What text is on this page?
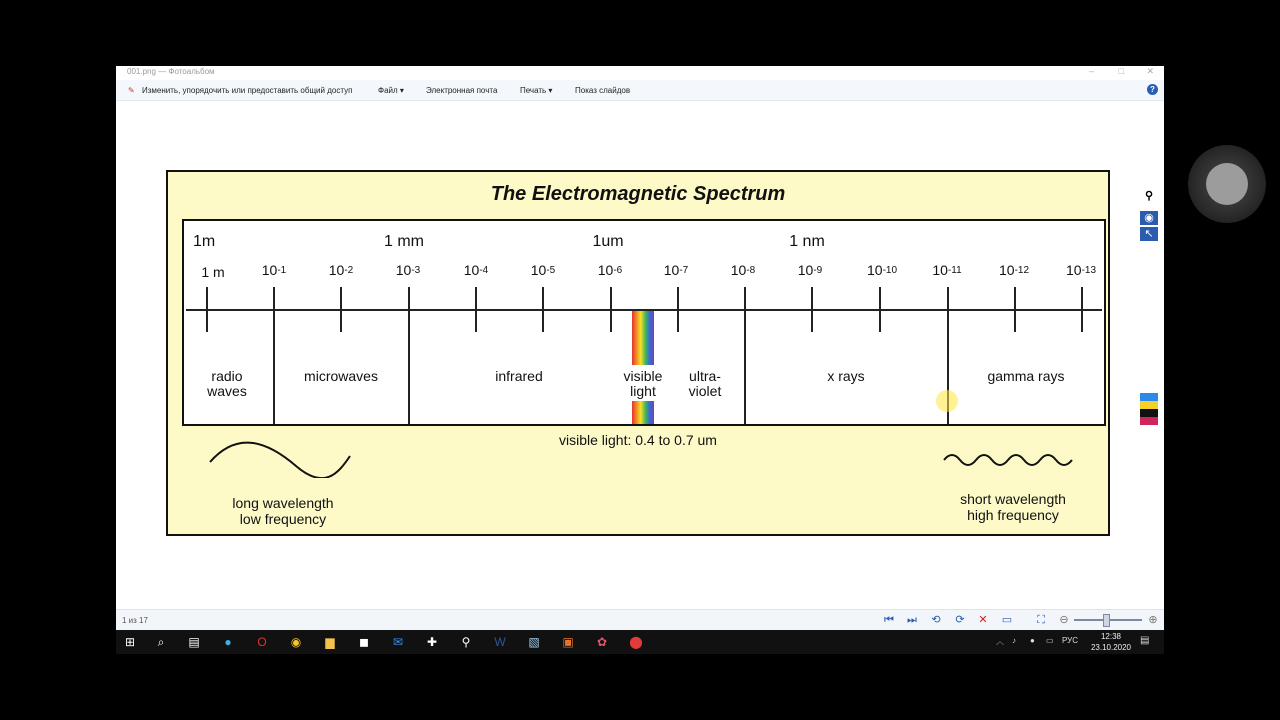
001.png — Фотоальбом	–	□ ✕
✎ Изменить, упорядочить или предоставить общий доступ	Файл ▾	Электронная почта	Печать ▾	Показ слайдов	?
The Electromagnetic Spectrum
1m	1 mm	1um	1 nm
1 m	$10^{-1}$	$10^{-2}$	$10^{-3}$	$10^{-4}$	$10^{-5}$	$10^{-6}$	$10^{-7}$	$10^{-8}$	$10^{-9}$	$10^{-10}$	$10^{-11}$	$10^{-12}$	$10^{-13}$
radio
waves
microwaves	infrared	visible
light
ultra-
violet
x rays	gamma rays
visible light: 0.4 to 0.7 um
long wavelength
low frequency
short wavelength
high frequency
1 из 17	⏮ ⏭ ⟲ ⟳ ✕ ▭ ⛶ ⊖	⊕
⊞	⌕	▤	●	O ◉ ▆ ◼ ✉ ✚ ⚲	W ▧ ▣ ✿ ⬤	︿ ♪ ● ▭ РУС	12:38
23.10.2020
▤
⚲
◉
↖
✎
╱
◇
•
↶
▥
▣
◘
▤
